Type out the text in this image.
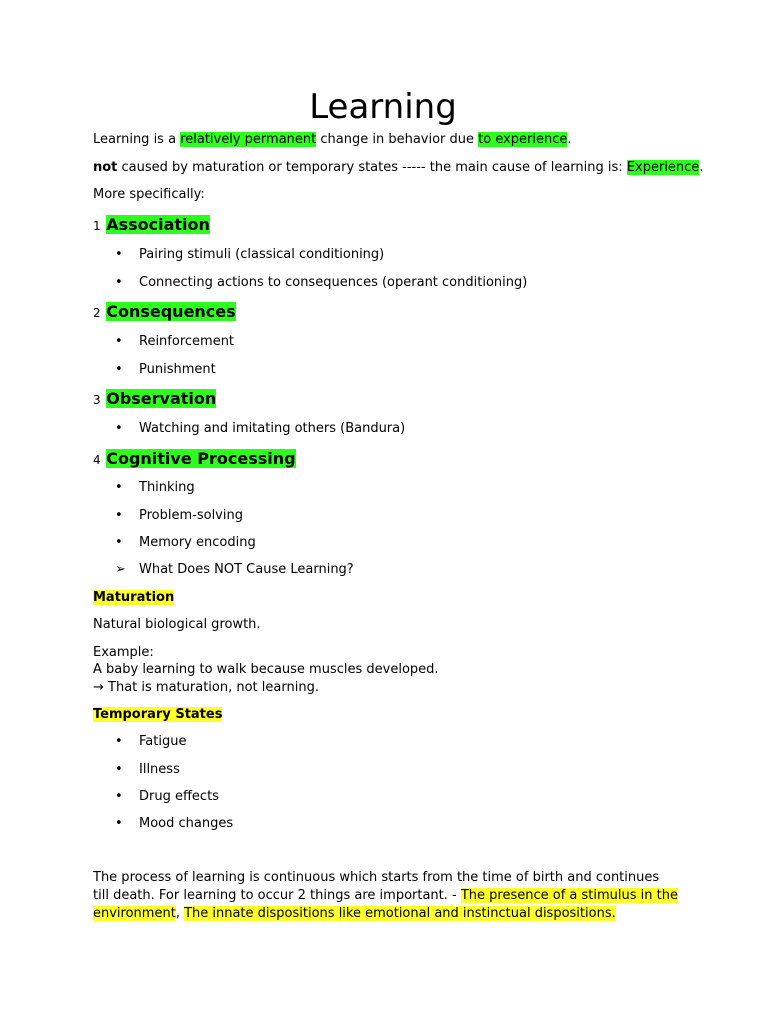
Learning
Learning is a relatively permanent change in behavior due to experience.
not caused by maturation or temporary states ----- the main cause of learning is: Experience.
More specifically:
1 Association
• Pairing stimuli (classical conditioning)
• Connecting actions to consequences (operant conditioning)
2 Consequences
• Reinforcement
• Punishment
3 Observation
• Watching and imitating others (Bandura)
4 Cognitive Processing
• Thinking
• Problem-solving
• Memory encoding
➢ What Does NOT Cause Learning?
Maturation
Natural biological growth.
Example:
A baby learning to walk because muscles developed.
→ That is maturation, not learning.
Temporary States
• Fatigue
• Illness
• Drug effects
• Mood changes
The process of learning is continuous which starts from the time of birth and continues till death. For learning to occur 2 things are important. - The presence of a stimulus in the environment, The innate dispositions like emotional and instinctual dispositions.
